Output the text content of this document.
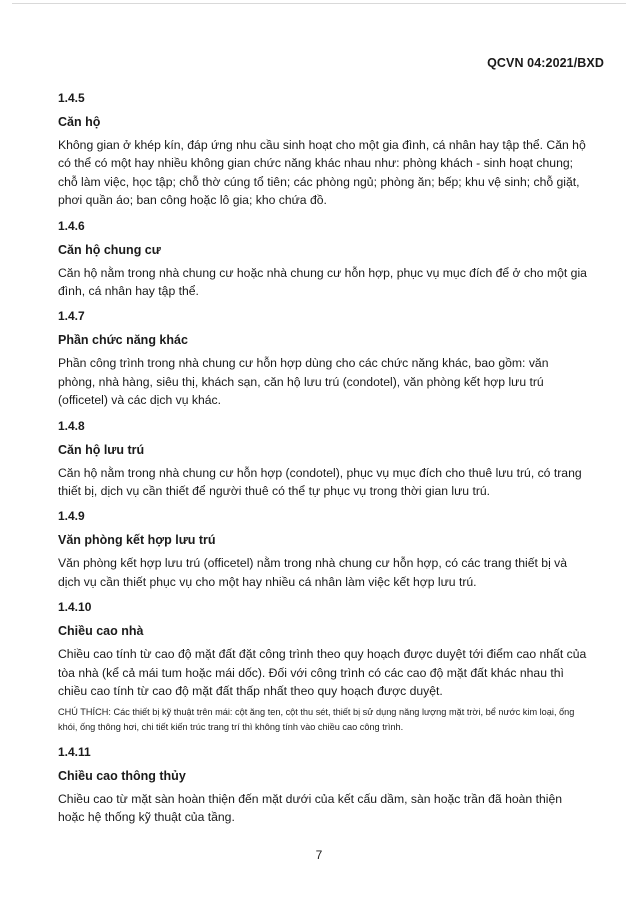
QCVN 04:2021/BXD
1.4.5
Căn hộ
Không gian ở khép kín, đáp ứng nhu cầu sinh hoạt cho một gia đình, cá nhân hay tập thể. Căn hộ có thể có một hay nhiều không gian chức năng khác nhau như: phòng khách - sinh hoạt chung; chỗ làm việc, học tập; chỗ thờ cúng tổ tiên; các phòng ngủ; phòng ăn; bếp; khu vệ sinh; chỗ giặt, phơi quần áo; ban công hoặc lô gia; kho chứa đồ.
1.4.6
Căn hộ chung cư
Căn hộ nằm trong nhà chung cư hoặc nhà chung cư hỗn hợp, phục vụ mục đích để ở cho một gia đình, cá nhân hay tập thể.
1.4.7
Phần chức năng khác
Phần công trình trong nhà chung cư hỗn hợp dùng cho các chức năng khác, bao gồm: văn phòng, nhà hàng, siêu thị, khách sạn, căn hộ lưu trú (condotel), văn phòng kết hợp lưu trú (officetel) và các dịch vụ khác.
1.4.8
Căn hộ lưu trú
Căn hộ nằm trong nhà chung cư hỗn hợp (condotel), phục vụ mục đích cho thuê lưu trú, có trang thiết bị, dịch vụ cần thiết để người thuê có thể tự phục vụ trong thời gian lưu trú.
1.4.9
Văn phòng kết hợp lưu trú
Văn phòng kết hợp lưu trú (officetel) nằm trong nhà chung cư hỗn hợp, có các trang thiết bị và dịch vụ cần thiết phục vụ cho một hay nhiều cá nhân làm việc kết hợp lưu trú.
1.4.10
Chiều cao nhà
Chiều cao tính từ cao độ mặt đất đặt công trình theo quy hoạch được duyệt tới điểm cao nhất của tòa nhà (kể cả mái tum hoặc mái dốc). Đối với công trình có các cao độ mặt đất khác nhau thì chiều cao tính từ cao độ mặt đất thấp nhất theo quy hoạch được duyệt.
CHÚ THÍCH: Các thiết bị kỹ thuật trên mái: cột ăng ten, cột thu sét, thiết bị sử dụng năng lượng mặt trời, bể nước kim loại, ống khói, ống thông hơi, chi tiết kiến trúc trang trí thì không tính vào chiều cao công trình.
1.4.11
Chiều cao thông thủy
Chiều cao từ mặt sàn hoàn thiện đến mặt dưới của kết cấu dầm, sàn hoặc trần đã hoàn thiện hoặc hệ thống kỹ thuật của tầng.
7
